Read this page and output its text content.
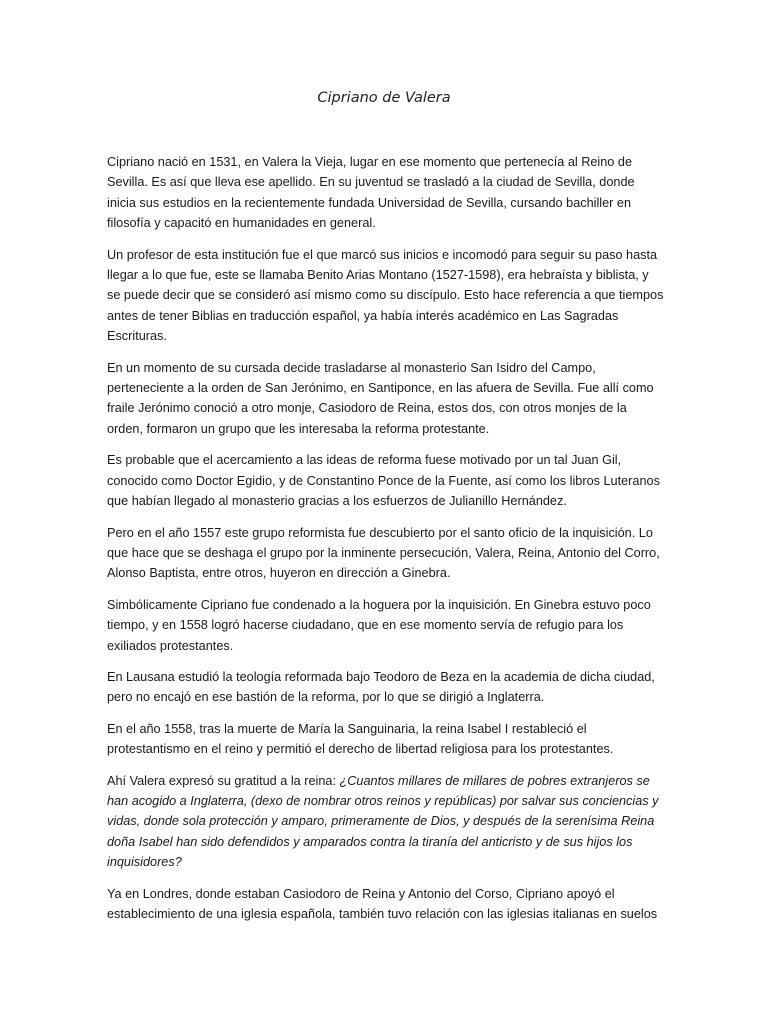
Cipriano de Valera

Cipriano nació en 1531, en Valera la Vieja, lugar en ese momento que pertenecía al Reino de Sevilla. Es así que lleva ese apellido. En su juventud se trasladó a la ciudad de Sevilla, donde inicia sus estudios en la recientemente fundada Universidad de Sevilla, cursando bachiller en filosofía y capacitó en humanidades en general.

Un profesor de esta institución fue el que marcó sus inicios e incomodó para seguir su paso hasta llegar a lo que fue, este se llamaba Benito Arias Montano (1527-1598), era hebraísta y biblista, y se puede decir que se consideró así mismo como su discípulo. Esto hace referencia a que tiempos antes de tener Biblias en traducción español, ya había interés académico en Las Sagradas Escrituras.

En un momento de su cursada decide trasladarse al monasterio San Isidro del Campo, perteneciente a la orden de San Jerónimo, en Santiponce, en las afuera de Sevilla. Fue allí como fraile Jerónimo conoció a otro monje, Casiodoro de Reina, estos dos, con otros monjes de la orden, formaron un grupo que les interesaba la reforma protestante.

Es probable que el acercamiento a las ideas de reforma fuese motivado por un tal Juan Gil, conocido como Doctor Egidio, y de Constantino Ponce de la Fuente, así como los libros Luteranos que habían llegado al monasterio gracias a los esfuerzos de Julianillo Hernández.

Pero en el año 1557 este grupo reformista fue descubierto por el santo oficio de la inquisición. Lo que hace que se deshaga el grupo por la inminente persecución, Valera, Reina, Antonio del Corro, Alonso Baptista, entre otros, huyeron en dirección a Ginebra.

Simbólicamente Cipriano fue condenado a la hoguera por la inquisición. En Ginebra estuvo poco tiempo, y en 1558 logró hacerse ciudadano, que en ese momento servía de refugio para los exiliados protestantes.

En Lausana estudió la teología reformada bajo Teodoro de Beza en la academia de dicha ciudad, pero no encajó en ese bastión de la reforma, por lo que se dirigió a Inglaterra.

En el año 1558, tras la muerte de María la Sanguinaria, la reina Isabel I restableció el protestantismo en el reino y permitió el derecho de libertad religiosa para los protestantes.

Ahí Valera expresó su gratitud a la reina: ¿Cuantos millares de millares de pobres extranjeros se han acogido a Inglaterra, (dexo de nombrar otros reinos y repúblicas) por salvar sus conciencias y vidas, donde sola protección y amparo, primeramente de Dios, y después de la serenísima Reina doña Isabel han sido defendidos y amparados contra la tiranía del anticristo y de sus hijos los inquisidores?

Ya en Londres, donde estaban Casiodoro de Reina y Antonio del Corso, Cipriano apoyó el establecimiento de una iglesia española, también tuvo relación con las iglesias italianas en suelos
